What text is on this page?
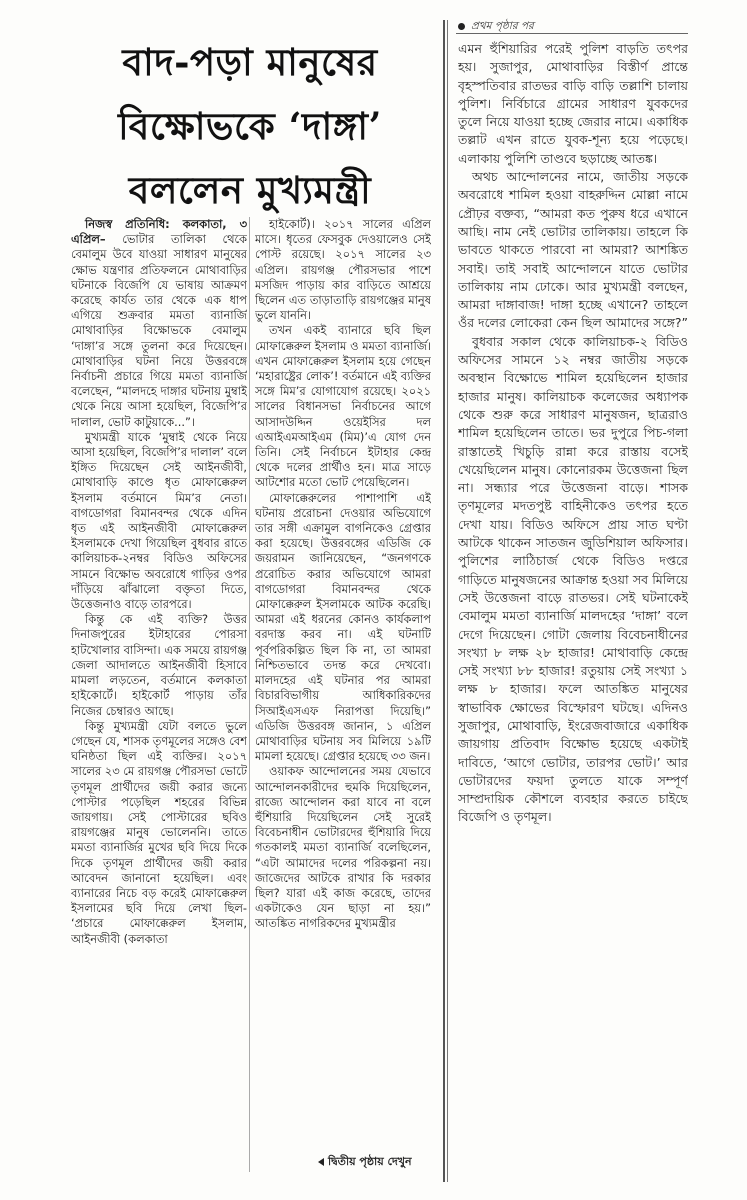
বাদ-পড়া মানুষের
বিক্ষোভকে ‘দাঙ্গা’
বললেন মুখ্যমন্ত্রী

নিজস্ব প্রতিনিধি: কলকাতা, ৩ এপ্রিল– ভোটার তালিকা থেকে বেমালুম উবে যাওয়া সাধারণ মানুষের ক্ষোভ যন্ত্রণার প্রতিফলনে মোথাবাড়ির ঘটনাকে বিজেপি যে ভাষায় আক্রমণ করেছে কার্যত তার থেকে এক ধাপ এগিয়ে শুক্রবার মমতা ব্যানার্জি মোথাবাড়ির বিক্ষোভকে বেমালুম ‘দাঙ্গা’র সঙ্গে তুলনা করে দিয়েছেন। মোথাবাড়ির ঘটনা নিয়ে উত্তরবঙ্গে নির্বাচনী প্রচারে গিয়ে মমতা ব্যানার্জি বলেছেন, “মালদহে দাঙ্গার ঘটনায় মুম্বাই থেকে নিয়ে আসা হয়েছিল, বিজেপি’র দালাল, ভোট কাটুয়াকে...”।

মুখ্যমন্ত্রী যাকে ‘মুম্বাই থেকে নিয়ে আসা হয়েছিল, বিজেপি’র দালাল’ বলে ইঙ্গিত দিয়েছেন সেই আইনজীবী, মোথাবাড়ি কাণ্ডে ধৃত মোফাক্কেরুল ইসলাম বর্তমানে মিম’র নেতা। বাগডোগরা বিমানবন্দর থেকে এদিন ধৃত এই আইনজীবী মোফাক্কেরুল ইসলামকে দেখা গিয়েছিল বুধবার রাতে কালিয়াচক-২নম্বর বিডিও অফিসের সামনে বিক্ষোভ অবরোধে গাড়ির ওপর দাঁড়িয়ে ঝাঁঝালো বক্তৃতা দিতে, উত্তেজনাও বাড়ে তারপরে।

কিন্তু কে এই ব্যক্তি? উত্তর দিনাজপুরের ইটাহারের পোরসা হাটখোলার বাসিন্দা। এক সময়ে রায়গঞ্জ জেলা আদালতে আইনজীবী হিসাবে মামলা লড়তেন, বর্তমানে কলকাতা হাইকোর্টে। হাইকোর্ট পাড়ায় তাঁর নিজের চেম্বারও আছে।

কিন্তু মুখ্যমন্ত্রী যেটা বলতে ভুলে গেছেন যে, শাসক তৃণমূলের সঙ্গেও বেশ ঘনিষ্ঠতা ছিল এই ব্যক্তির। ২০১৭ সালের ২৩ মে রায়গঞ্জ পৌরসভা ভোটে তৃণমূল প্রার্থীদের জয়ী করার জন্যে পোস্টার পড়েছিল শহরের বিভিন্ন জায়গায়। সেই পোস্টারের ছবিও রায়গঞ্জের মানুষ ভোলেননি। তাতে মমতা ব্যানার্জির মুখের ছবি দিয়ে দিকে দিকে তৃণমূল প্রার্থীদের জয়ী করার আবেদন জানানো হয়েছিল। এবং ব্যানারের নিচে বড় করেই মোফাক্কেরুল ইসলামের ছবি দিয়ে লেখা ছিল- ‘প্রচারে মোফাক্কেরুল ইসলাম, আইনজীবী (কলকাতা

হাইকোর্ট)। ২০১৭ সালের এপ্রিল মাসে। ধৃতের ফেসবুক দেওয়ালেও সেই পোস্ট রয়েছে। ২০১৭ সালের ২৩ এপ্রিল। রায়গঞ্জ পৌরসভার পাশে মসজিদ পাড়ায় কার বাড়িতে আশ্রয়ে ছিলেন এত তাড়াতাড়ি রায়গঞ্জের মানুষ ভুলে যাননি।

তখন একই ব্যানারে ছবি ছিল মোফাক্কেরুল ইসলাম ও মমতা ব্যানার্জি। এখন মোফাক্কেরুল ইসলাম হয়ে গেছেন ‘মহারাষ্ট্রের লোক’! বর্তমানে এই ব্যক্তির সঙ্গে মিম’র যোগাযোগ রয়েছে। ২০২১ সালের বিধানসভা নির্বাচনের আগে আসাদউদ্দিন ওয়েইসির দল এআইএমআইএম (মিম)’এ যোগ দেন তিনি। সেই নির্বাচনে ইটাহার কেন্দ্র থেকে দলের প্রার্থীও হন। মাত্র সাড়ে আটশোর মতো ভোট পেয়েছিলেন।

মোফাক্কেরুলের পাশাপাশি এই ঘটনায় প্ররোচনা দেওয়ার অভিযোগে তার সঙ্গী এক্রামুল বাগনিকেও গ্রেপ্তার করা হয়েছে। উত্তরবঙ্গের এডিজি কে জয়রামন জানিয়েছেন, “জনগণকে প্ররোচিত করার অভিযোগে আমরা বাগডোগরা বিমানবন্দর থেকে মোফাক্কেরুল ইসলামকে আটক করেছি। আমরা এই ধরনের কোনও কার্যকলাপ বরদাস্ত করব না। এই ঘটনাটি পূর্বপরিকল্পিত ছিল কি না, তা আমরা নিশ্চিতভাবে তদন্ত করে দেখবো। মালদহের এই ঘটনার পর আমরা বিচারবিভাগীয় আধিকারিকদের সিআইএসএফ নিরাপত্তা দিয়েছি।” এডিজি উত্তরবঙ্গ জানান, ১ এপ্রিল মোথাবাড়ির ঘটনায় সব মিলিয়ে ১৯টি মামলা হয়েছে। গ্রেপ্তার হয়েছে ৩৩ জন।

ওয়াকফ আন্দোলনের সময় যেভাবে আন্দোলনকারীদের হুমকি দিয়েছিলেন, রাজ্যে আন্দোলন করা যাবে না বলে হুঁশিয়ারি দিয়েছিলেন সেই সুরেই বিবেচনাধীন ভোটারদের হুঁশিয়ারি দিয়ে গতকালই মমতা ব্যানার্জি বলেছিলেন, “এটা আমাদের দলের পরিকল্পনা নয়। জাজেদের আটকে রাখার কি দরকার ছিল? যারা এই কাজ করেছে, তাদের একটাকেও যেন ছাড়া না হয়।” আতঙ্কিত নাগরিকদের মুখ্যমন্ত্রীর

দ্বিতীয় পৃষ্ঠায় দেখুন
প্রথম পৃষ্ঠার পর

এমন হুঁশিয়ারির পরেই পুলিশ বাড়তি তৎপর হয়। সুজাপুর, মোথাবাড়ির বিস্তীর্ণ প্রান্তে বৃহস্পতিবার রাতভর বাড়ি বাড়ি তল্লাশি চালায় পুলিশ। নির্বিচারে গ্রামের সাধারণ যুবকদের তুলে নিয়ে যাওয়া হচ্ছে জেরার নামে। একাধিক তল্লাট এখন রাতে যুবক-শূন্য হয়ে পড়েছে। এলাকায় পুলিশি তাণ্ডবে ছড়াচ্ছে আতঙ্ক।

অথচ আন্দোলনের নামে, জাতীয় সড়কে অবরোধে শামিল হওয়া বাহরুদ্দিন মোল্লা নামে প্রৌঢ়র বক্তব্য, “আমরা কত পুরুষ ধরে এখানে আছি। নাম নেই ভোটার তালিকায়। তাহলে কি ভাবতে থাকতে পারবো না আমরা? আশঙ্কিত সবাই। তাই সবাই আন্দোলনে যাতে ভোটার তালিকায় নাম ঢোকে। আর মুখ্যমন্ত্রী বলছেন, আমরা দাঙ্গাবাজ! দাঙ্গা হচ্ছে এখানে? তাহলে ওঁর দলের লোকেরা কেন ছিল আমাদের সঙ্গে?”

বুধবার সকাল থেকে কালিয়াচক-২ বিডিও অফিসের সামনে ১২ নম্বর জাতীয় সড়কে অবস্থান বিক্ষোভে শামিল হয়েছিলেন হাজার হাজার মানুষ। কালিয়াচক কলেজের অধ্যাপক থেকে শুরু করে সাধারণ মানুষজন, ছাত্ররাও শামিল হয়েছিলেন তাতে। ভর দুপুরে পিচ-গলা রাস্তাতেই খিচুড়ি রান্না করে রাস্তায় বসেই খেয়েছিলেন মানুষ। কোনোরকম উত্তেজনা ছিল না। সন্ধ্যার পরে উত্তেজনা বাড়ে। শাসক তৃণমূলের মদতপুষ্ট বাহিনীকেও তৎপর হতে দেখা যায়। বিডিও অফিসে প্রায় সাত ঘণ্টা আটকে থাকেন সাতজন জুডিশিয়াল অফিসার। পুলিশের লাঠিচার্জ থেকে বিডিও দপ্তরে গাড়িতে মানুষজনের আক্রান্ত হওয়া সব মিলিয়ে সেই উত্তেজনা বাড়ে রাতভর। সেই ঘটনাকেই বেমালুম মমতা ব্যানার্জি মালদহের ‘দাঙ্গা’ বলে দেগে দিয়েছেন। গোটা জেলায় বিবেচনাধীনের সংখ্যা ৮ লক্ষ ২৮ হাজার! মোথাবাড়ি কেন্দ্রে সেই সংখ্যা ৮৮ হাজার! রতুয়ায় সেই সংখ্যা ১ লক্ষ ৮ হাজার। ফলে আতঙ্কিত মানুষের স্বাভাবিক ক্ষোভের বিস্ফোরণ ঘটছে। এদিনও সুজাপুর, মোথাবাড়ি, ইংরেজবাজারে একাধিক জায়গায় প্রতিবাদ বিক্ষোভ হয়েছে একটাই দাবিতে, ‘আগে ভোটার, তারপর ভোট।’ আর ভোটারদের ফয়দা তুলতে যাকে সম্পূর্ণ সাম্প্রদায়িক কৌশলে ব্যবহার করতে চাইছে বিজেপি ও তৃণমূল।
